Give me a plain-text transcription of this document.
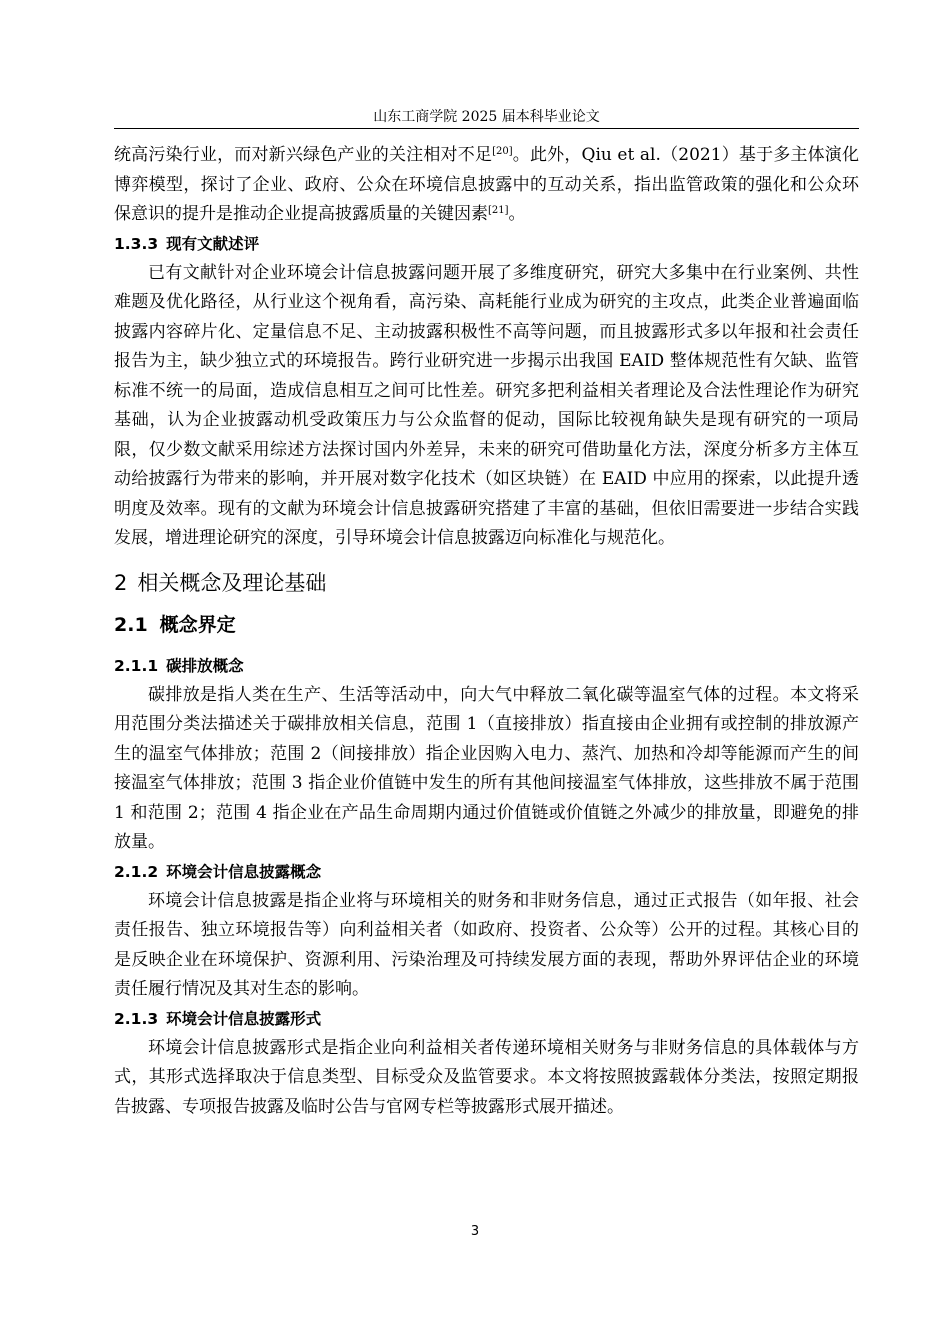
山东工商学院 2025 届本科毕业论文

统高污染行业，而对新兴绿色产业的关注相对不足[20]。此外，Qiu et al.（2021）基于多主体演化博弈模型，探讨了企业、政府、公众在环境信息披露中的互动关系，指出监管政策的强化和公众环保意识的提升是推动企业提高披露质量的关键因素[21]。

1.3.3 现有文献述评

已有文献针对企业环境会计信息披露问题开展了多维度研究，研究大多集中在行业案例、共性难题及优化路径，从行业这个视角看，高污染、高耗能行业成为研究的主攻点，此类企业普遍面临披露内容碎片化、定量信息不足、主动披露积极性不高等问题，而且披露形式多以年报和社会责任报告为主，缺少独立式的环境报告。跨行业研究进一步揭示出我国 EAID 整体规范性有欠缺、监管标准不统一的局面，造成信息相互之间可比性差。研究多把利益相关者理论及合法性理论作为研究基础，认为企业披露动机受政策压力与公众监督的促动，国际比较视角缺失是现有研究的一项局限，仅少数文献采用综述方法探讨国内外差异，未来的研究可借助量化方法，深度分析多方主体互动给披露行为带来的影响，并开展对数字化技术（如区块链）在 EAID 中应用的探索，以此提升透明度及效率。现有的文献为环境会计信息披露研究搭建了丰富的基础，但依旧需要进一步结合实践发展，增进理论研究的深度，引导环境会计信息披露迈向标准化与规范化。

2 相关概念及理论基础
2.1 概念界定
2.1.1 碳排放概念

碳排放是指人类在生产、生活等活动中，向大气中释放二氧化碳等温室气体的过程。本文将采用范围分类法描述关于碳排放相关信息，范围 1（直接排放）指直接由企业拥有或控制的排放源产生的温室气体排放；范围 2（间接排放）指企业因购入电力、蒸汽、加热和冷却等能源而产生的间接温室气体排放；范围 3 指企业价值链中发生的所有其他间接温室气体排放，这些排放不属于范围 1 和范围 2；范围 4 指企业在产品生命周期内通过价值链或价值链之外减少的排放量，即避免的排放量。

2.1.2 环境会计信息披露概念

环境会计信息披露是指企业将与环境相关的财务和非财务信息，通过正式报告（如年报、社会责任报告、独立环境报告等）向利益相关者（如政府、投资者、公众等）公开的过程。其核心目的是反映企业在环境保护、资源利用、污染治理及可持续发展方面的表现，帮助外界评估企业的环境责任履行情况及其对生态的影响。

2.1.3 环境会计信息披露形式

环境会计信息披露形式是指企业向利益相关者传递环境相关财务与非财务信息的具体载体与方式，其形式选择取决于信息类型、目标受众及监管要求。本文将按照披露载体分类法，按照定期报告披露、专项报告披露及临时公告与官网专栏等披露形式展开描述。

3
